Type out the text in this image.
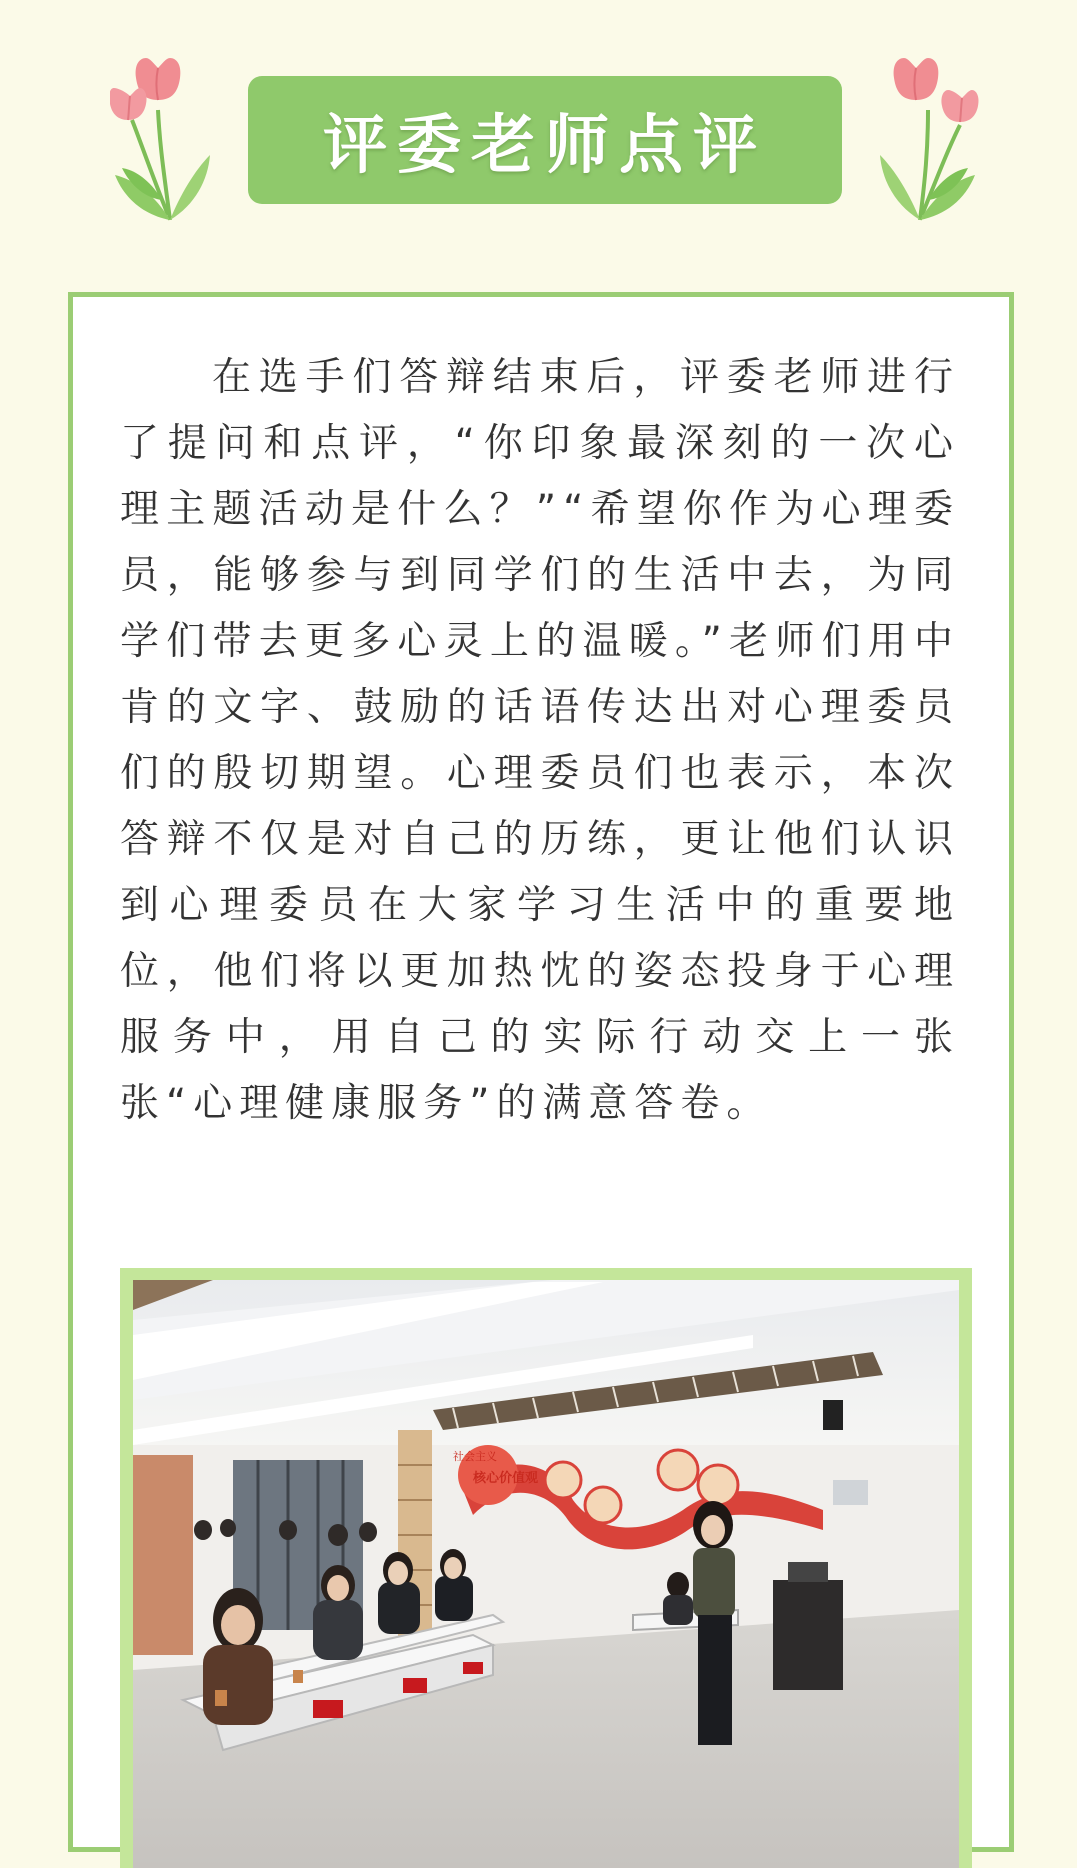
评委老师点评

在选手们答辩结束后，评委老师进行了提问和点评，“你印象最深刻的一次心理主题活动是什么？”“希望你作为心理委员，能够参与到同学们的生活中去，为同学们带去更多心灵上的温暖。”老师们用中肯的文字、鼓励的话语传达出对心理委员们的殷切期望。心理委员们也表示，本次答辩不仅是对自己的历练，更让他们认识到心理委员在大家学习生活中的重要地位，他们将以更加热忱的姿态投身于心理服务中，用自己的实际行动交上一张张“心理健康服务”的满意答卷。

社会主义
核心价值观
